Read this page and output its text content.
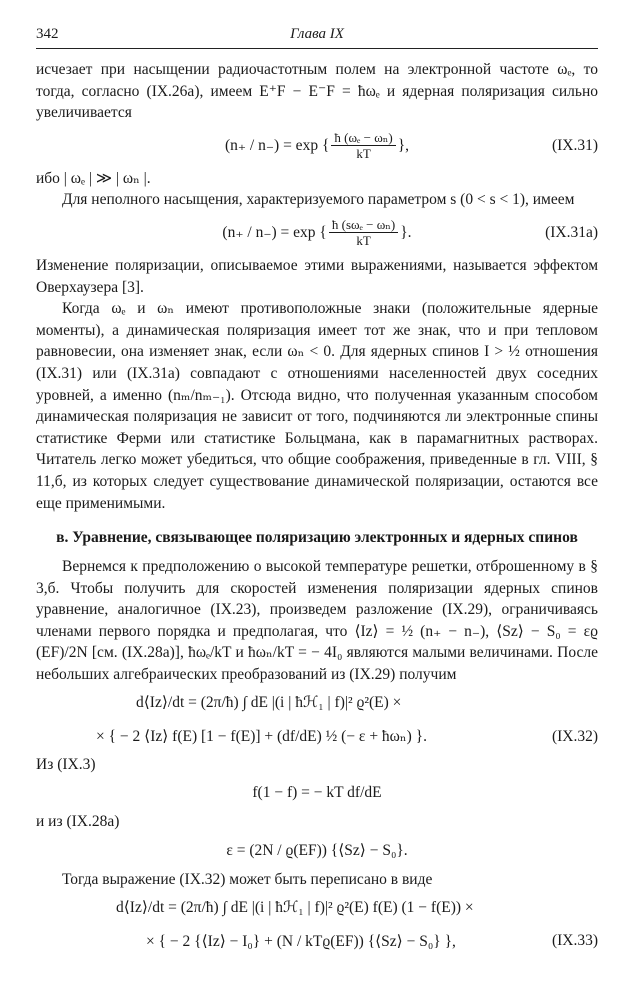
342	Глава IX

исчезает при насыщении радиочастотным полем на электронной частоте ωₑ, то тогда, согласно (IX.26a), имеем E⁺F − E⁻F = ħωₑ и ядерная поляризация сильно увеличивается

(n₊ / n₋) = exp { $\frac{\text{ħ (ωₑ − ωₙ)}}{kT}$ },	(IX.31)

ибо | ωₑ | ≫ | ωₙ |.

Для неполного насыщения, характеризуемого параметром s (0 < s < 1), имеем

(n₊ / n₋) = exp { $\frac{\text{ħ (sωₑ − ωₙ)}}{kT}$ }.	(IX.31a)

Изменение поляризации, описываемое этими выражениями, называется эффектом Оверхаузера [3].

Когда ωₑ и ωₙ имеют противоположные знаки (положительные ядерные моменты), а динамическая поляризация имеет тот же знак, что и при тепловом равновесии, она изменяет знак, если ωₙ < 0. Для ядерных спинов I > ½ отношения (IX.31) или (IX.31a) совпадают с отношениями населенностей двух соседних уровней, а именно (nₘ/nₘ₋₁). Отсюда видно, что полученная указанным способом динамическая поляризация не зависит от того, подчиняются ли электронные спины статистике Ферми или статистике Больцмана, как в парамагнитных растворах. Читатель легко может убедиться, что общие соображения, приведенные в гл. VIII, § 11,б, из которых следует существование динамической поляризации, остаются все еще применимыми.

в. Уравнение, связывающее поляризацию электронных и ядерных спинов

Вернемся к предположению о высокой температуре решетки, отброшенному в § 3,б. Чтобы получить для скоростей изменения поляризации ядерных спинов уравнение, аналогичное (IX.23), произведем разложение (IX.29), ограничиваясь членами первого порядка и предполагая, что ⟨Iz⟩ = ½ (n₊ − n₋), ⟨Sz⟩ − S₀ = εϱ (EF)/2N [см. (IX.28a)], ħωₑ/kT и ħωₙ/kT = − 4I₀ являются малыми величинами. После небольших алгебраических преобразований из (IX.29) получим

d⟨Iz⟩/dt = (2π/ħ) ∫ dE |(i | ħℋ₁ | f)|² ϱ²(E) ×
× { − 2 ⟨Iz⟩ f(E) [1 − f(E)] + (df/dE) ½ (− ε + ħωₙ) }.	(IX.32)

Из (IX.3)

f(1 − f) = − kT df/dE

и из (IX.28a)

ε = (2N / ϱ(EF)) {⟨Sz⟩ − S₀}.

Тогда выражение (IX.32) может быть переписано в виде

d⟨Iz⟩/dt = (2π/ħ) ∫ dE |(i | ħℋ₁ | f)|² ϱ²(E) f(E) (1 − f(E)) ×
× { − 2 {⟨Iz⟩ − I₀} + (N / kTϱ(EF)) {⟨Sz⟩ − S₀} },	(IX.33)
